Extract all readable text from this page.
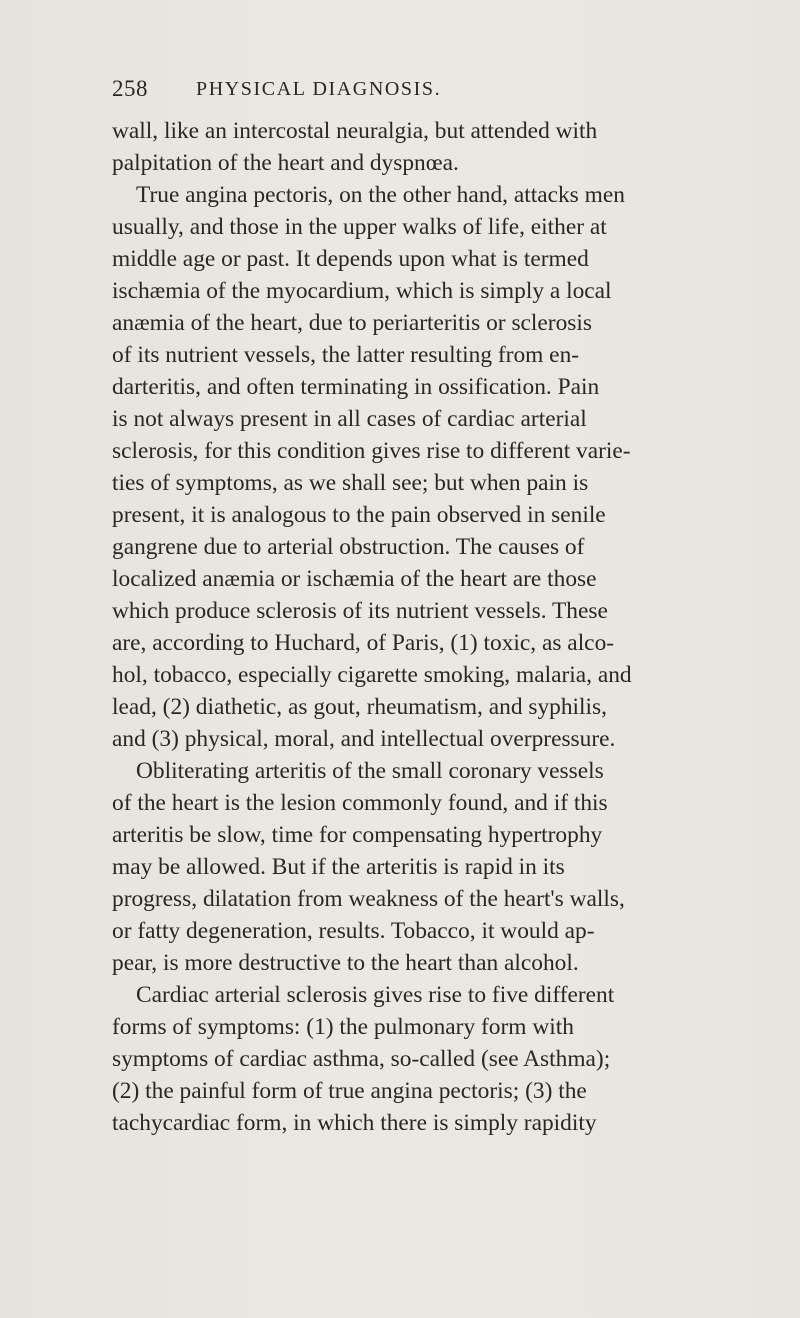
258 PHYSICAL DIAGNOSIS.
wall, like an intercostal neuralgia, but attended with
palpitation of the heart and dyspnœa.
True angina pectoris, on the other hand, attacks men
usually, and those in the upper walks of life, either at
middle age or past. It depends upon what is termed
ischæmia of the myocardium, which is simply a local
anæmia of the heart, due to periarteritis or sclerosis
of its nutrient vessels, the latter resulting from en-
darteritis, and often terminating in ossification. Pain
is not always present in all cases of cardiac arterial
sclerosis, for this condition gives rise to different varie-
ties of symptoms, as we shall see; but when pain is
present, it is analogous to the pain observed in senile
gangrene due to arterial obstruction. The causes of
localized anæmia or ischæmia of the heart are those
which produce sclerosis of its nutrient vessels. These
are, according to Huchard, of Paris, (1) toxic, as alco-
hol, tobacco, especially cigarette smoking, malaria, and
lead, (2) diathetic, as gout, rheumatism, and syphilis,
and (3) physical, moral, and intellectual overpressure.
Obliterating arteritis of the small coronary vessels
of the heart is the lesion commonly found, and if this
arteritis be slow, time for compensating hypertrophy
may be allowed. But if the arteritis is rapid in its
progress, dilatation from weakness of the heart's walls,
or fatty degeneration, results. Tobacco, it would ap-
pear, is more destructive to the heart than alcohol.
Cardiac arterial sclerosis gives rise to five different
forms of symptoms: (1) the pulmonary form with
symptoms of cardiac asthma, so-called (see Asthma);
(2) the painful form of true angina pectoris; (3) the
tachycardiac form, in which there is simply rapidity
